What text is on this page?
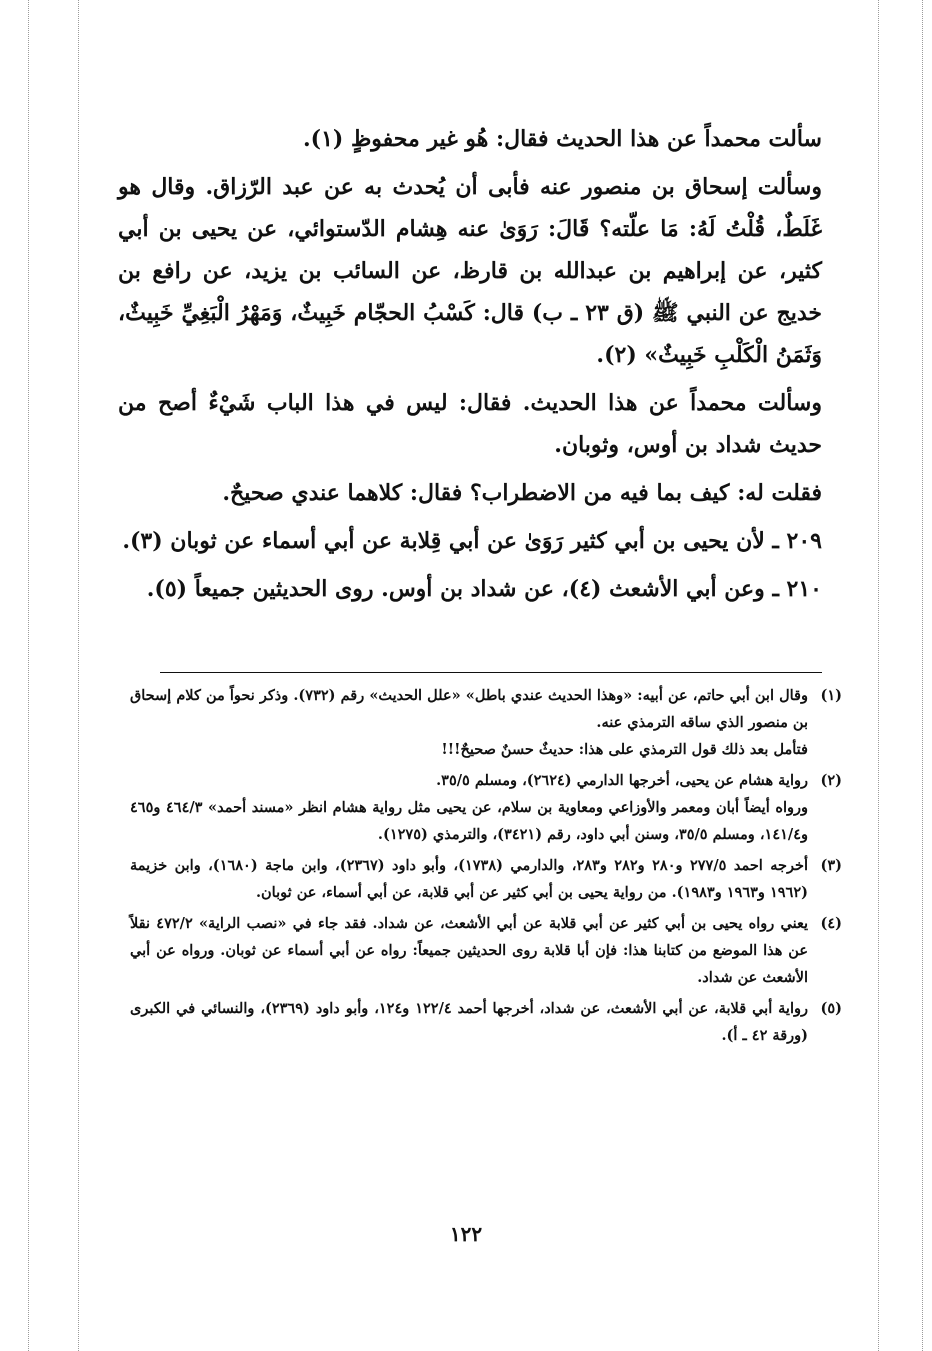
سألت محمداً عن هذا الحديث فقال: هُو غير محفوظٍ (١).

وسألت إسحاق بن منصور عنه فأبى أن يُحدث به عن عبد الرّزاق. وقال هو غَلَطٌ، قُلْتُ لَهُ: مَا علّته؟ قَالَ: رَوَىٰ عنه هِشام الدّستوائي، عن يحيى بن أبي كثير، عن إبراهيم بن عبدالله بن قارظ، عن السائب بن يزيد، عن رافع بن خديج عن النبي ﷺ (ق ٢٣ ـ ب) قال: كَسْبُ الحجّام خَبِيثٌ، وَمَهْرُ الْبَغِيِّ خَبِيثٌ، وَثَمَنُ الْكَلْبِ خَبِيثٌ» (٢).

وسألت محمداً عن هذا الحديث. فقال: ليس في هذا الباب شَيْءٌ أصح من حديث شداد بن أوس، وثوبان.

فقلت له: كيف بما فيه من الاضطراب؟ فقال: كلاهما عندي صحيحٌ.

٢٠٩ ـ لأن يحيى بن أبي كثير رَوَىٰ عن أبي قِلابة عن أبي أسماء عن ثوبان (٣).

٢١٠ ـ وعن أبي الأشعث (٤)، عن شداد بن أوس. روى الحديثين جميعاً (٥).

(١)

وقال ابن أبي حاتم، عن أبيه: «وهذا الحديث عندي باطل» «علل الحديث» رقم (٧٣٢). وذكر نحواً من كلام إسحاق بن منصور الذي ساقه الترمذي عنه.

فتأمل بعد ذلك قول الترمذي على هذا: حديثٌ حسنٌ صحيحٌ!!!

(٢)

رواية هشام عن يحيى، أخرجها الدارمي (٢٦٢٤)، ومسلم ٣٥/٥.

ورواه أيضاً أبان ومعمر والأوزاعي ومعاوية بن سلام، عن يحيى مثل رواية هشام انظر «مسند أحمد» ٤٦٤/٣ و٤٦٥ و١٤١/٤، ومسلم ٣٥/٥، وسنن أبي داود، رقم (٣٤٢١)، والترمذي (١٢٧٥).

(٣)

أخرجه احمد ٢٧٧/٥ و٢٨٠ و٢٨٢ و٢٨٣، والدارمي (١٧٣٨)، وأبو داود (٢٣٦٧)، وابن ماجة (١٦٨٠)، وابن خزيمة (١٩٦٢ و١٩٦٣ و١٩٨٣). من رواية يحيى بن أبي كثير عن أبي قلابة، عن أبي أسماء، عن ثوبان.

(٤)

يعني رواه يحيى بن أبي كثير عن أبي قلابة عن أبي الأشعث، عن شداد. فقد جاء في «نصب الراية» ٤٧٢/٢ نقلاً عن هذا الموضع من كتابنا هذا: فإن أبا قلابة روى الحديثين جميعاً: رواه عن أبي أسماء عن ثوبان. ورواه عن أبي الأشعث عن شداد.

(٥)

رواية أبي قلابة، عن أبي الأشعث، عن شداد، أخرجها أحمد ١٢٢/٤ و١٢٤، وأبو داود (٢٣٦٩)، والنسائي في الكبرى (ورقة ٤٢ ـ أ).

١٢٢
